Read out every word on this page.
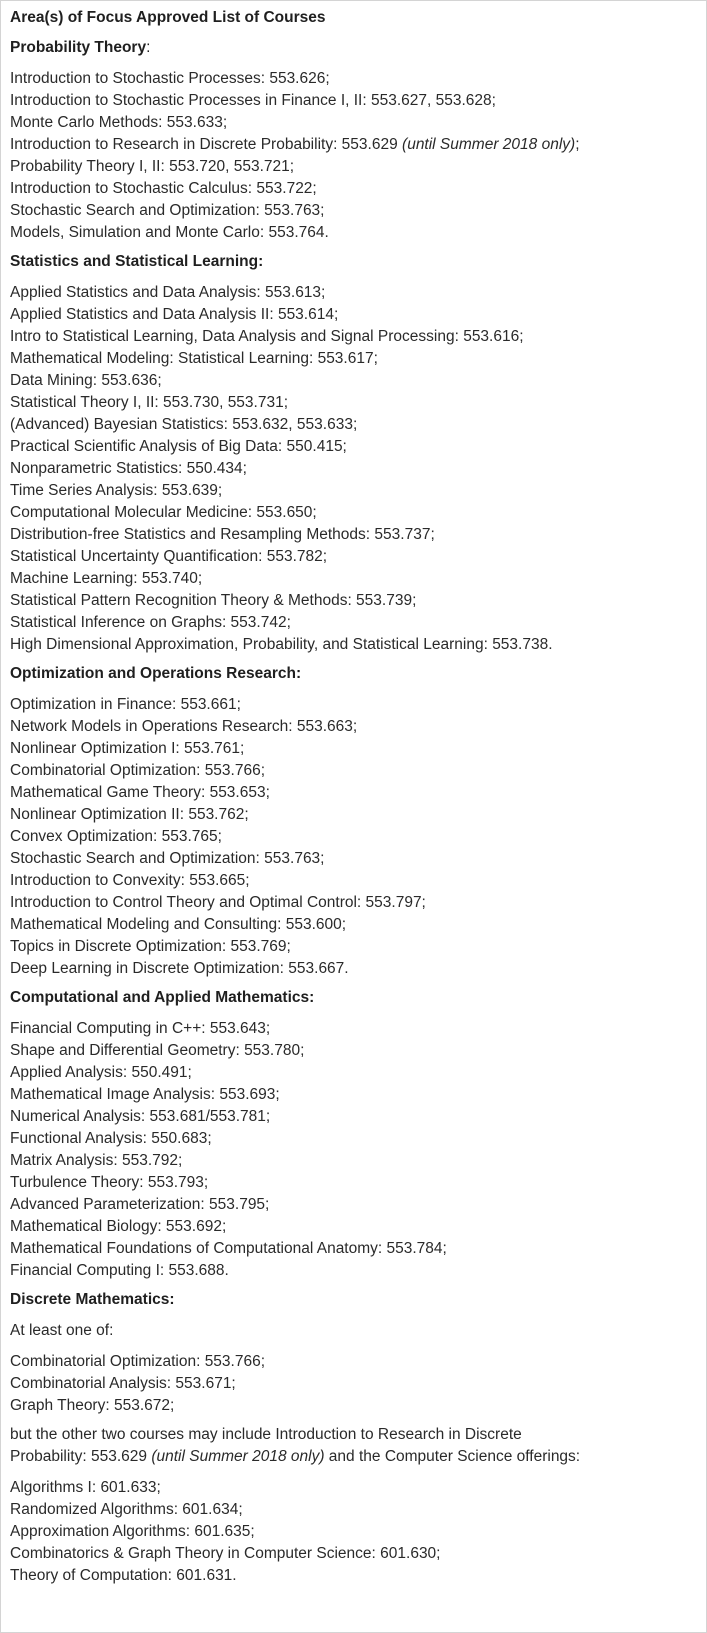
Area(s) of Focus Approved List of Courses
Probability Theory:
Introduction to Stochastic Processes: 553.626;
Introduction to Stochastic Processes in Finance I, II: 553.627, 553.628;
Monte Carlo Methods: 553.633;
Introduction to Research in Discrete Probability: 553.629 (until Summer 2018 only);
Probability Theory I, II: 553.720, 553.721;
Introduction to Stochastic Calculus: 553.722;
Stochastic Search and Optimization: 553.763;
Models, Simulation and Monte Carlo: 553.764.
Statistics and Statistical Learning:
Applied Statistics and Data Analysis: 553.613;
Applied Statistics and Data Analysis II: 553.614;
Intro to Statistical Learning, Data Analysis and Signal Processing: 553.616;
Mathematical Modeling: Statistical Learning: 553.617;
Data Mining: 553.636;
Statistical Theory I, II: 553.730, 553.731;
(Advanced) Bayesian Statistics: 553.632, 553.633;
Practical Scientific Analysis of Big Data: 550.415;
Nonparametric Statistics: 550.434;
Time Series Analysis: 553.639;
Computational Molecular Medicine: 553.650;
Distribution-free Statistics and Resampling Methods: 553.737;
Statistical Uncertainty Quantification: 553.782;
Machine Learning: 553.740;
Statistical Pattern Recognition Theory & Methods: 553.739;
Statistical Inference on Graphs: 553.742;
High Dimensional Approximation, Probability, and Statistical Learning: 553.738.
Optimization and Operations Research:
Optimization in Finance: 553.661;
Network Models in Operations Research: 553.663;
Nonlinear Optimization I: 553.761;
Combinatorial Optimization: 553.766;
Mathematical Game Theory: 553.653;
Nonlinear Optimization II: 553.762;
Convex Optimization: 553.765;
Stochastic Search and Optimization: 553.763;
Introduction to Convexity: 553.665;
Introduction to Control Theory and Optimal Control: 553.797;
Mathematical Modeling and Consulting: 553.600;
Topics in Discrete Optimization: 553.769;
Deep Learning in Discrete Optimization: 553.667.
Computational and Applied Mathematics:
Financial Computing in C++: 553.643;
Shape and Differential Geometry: 553.780;
Applied Analysis: 550.491;
Mathematical Image Analysis: 553.693;
Numerical Analysis: 553.681/553.781;
Functional Analysis: 550.683;
Matrix Analysis: 553.792;
Turbulence Theory: 553.793;
Advanced Parameterization: 553.795;
Mathematical Biology: 553.692;
Mathematical Foundations of Computational Anatomy: 553.784;
Financial Computing I: 553.688.
Discrete Mathematics:
At least one of:
Combinatorial Optimization: 553.766;
Combinatorial Analysis: 553.671;
Graph Theory: 553.672;
but the other two courses may include Introduction to Research in Discrete
Probability: 553.629 (until Summer 2018 only) and the Computer Science offerings:
Algorithms I: 601.633;
Randomized Algorithms: 601.634;
Approximation Algorithms: 601.635;
Combinatorics & Graph Theory in Computer Science: 601.630;
Theory of Computation: 601.631.
